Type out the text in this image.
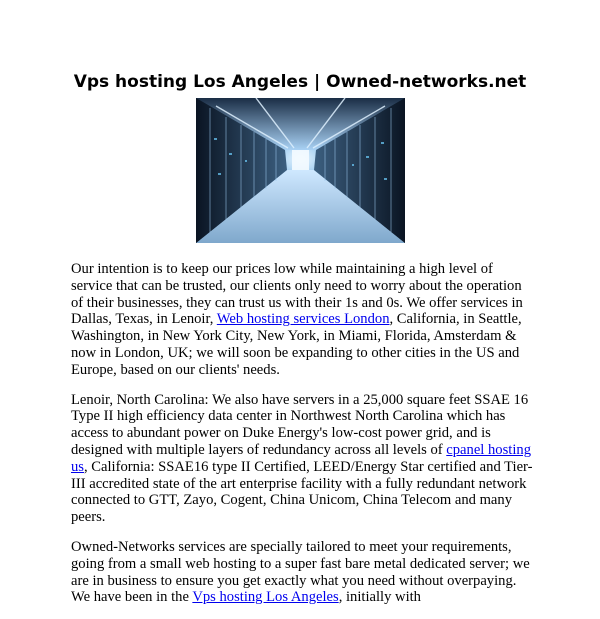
Vps hosting Los Angeles | Owned-networks.net

Our intention is to keep our prices low while maintaining a high level of service that can be trusted, our clients only need to worry about the operation of their businesses, they can trust us with their 1s and 0s. We offer services in Dallas, Texas, in Lenoir, Web hosting services London, California, in Seattle, Washington, in New York City, New York, in Miami, Florida, Amsterdam & now in London, UK; we will soon be expanding to other cities in the US and Europe, based on our clients' needs.

Lenoir, North Carolina: We also have servers in a 25,000 square feet SSAE 16 Type II high efficiency data center in Northwest North Carolina which has access to abundant power on Duke Energy's low-cost power grid, and is designed with multiple layers of redundancy across all levels of cpanel hosting us, California: SSAE16 type II Certified, LEED/Energy Star certified and Tier-III accredited state of the art enterprise facility with a fully redundant network connected to GTT, Zayo, Cogent, China Unicom, China Telecom and many peers.

Owned-Networks services are specially tailored to meet your requirements, going from a small web hosting to a super fast bare metal dedicated server; we are in business to ensure you get exactly what you need without overpaying. We have been in the Vps hosting Los Angeles, initially with
